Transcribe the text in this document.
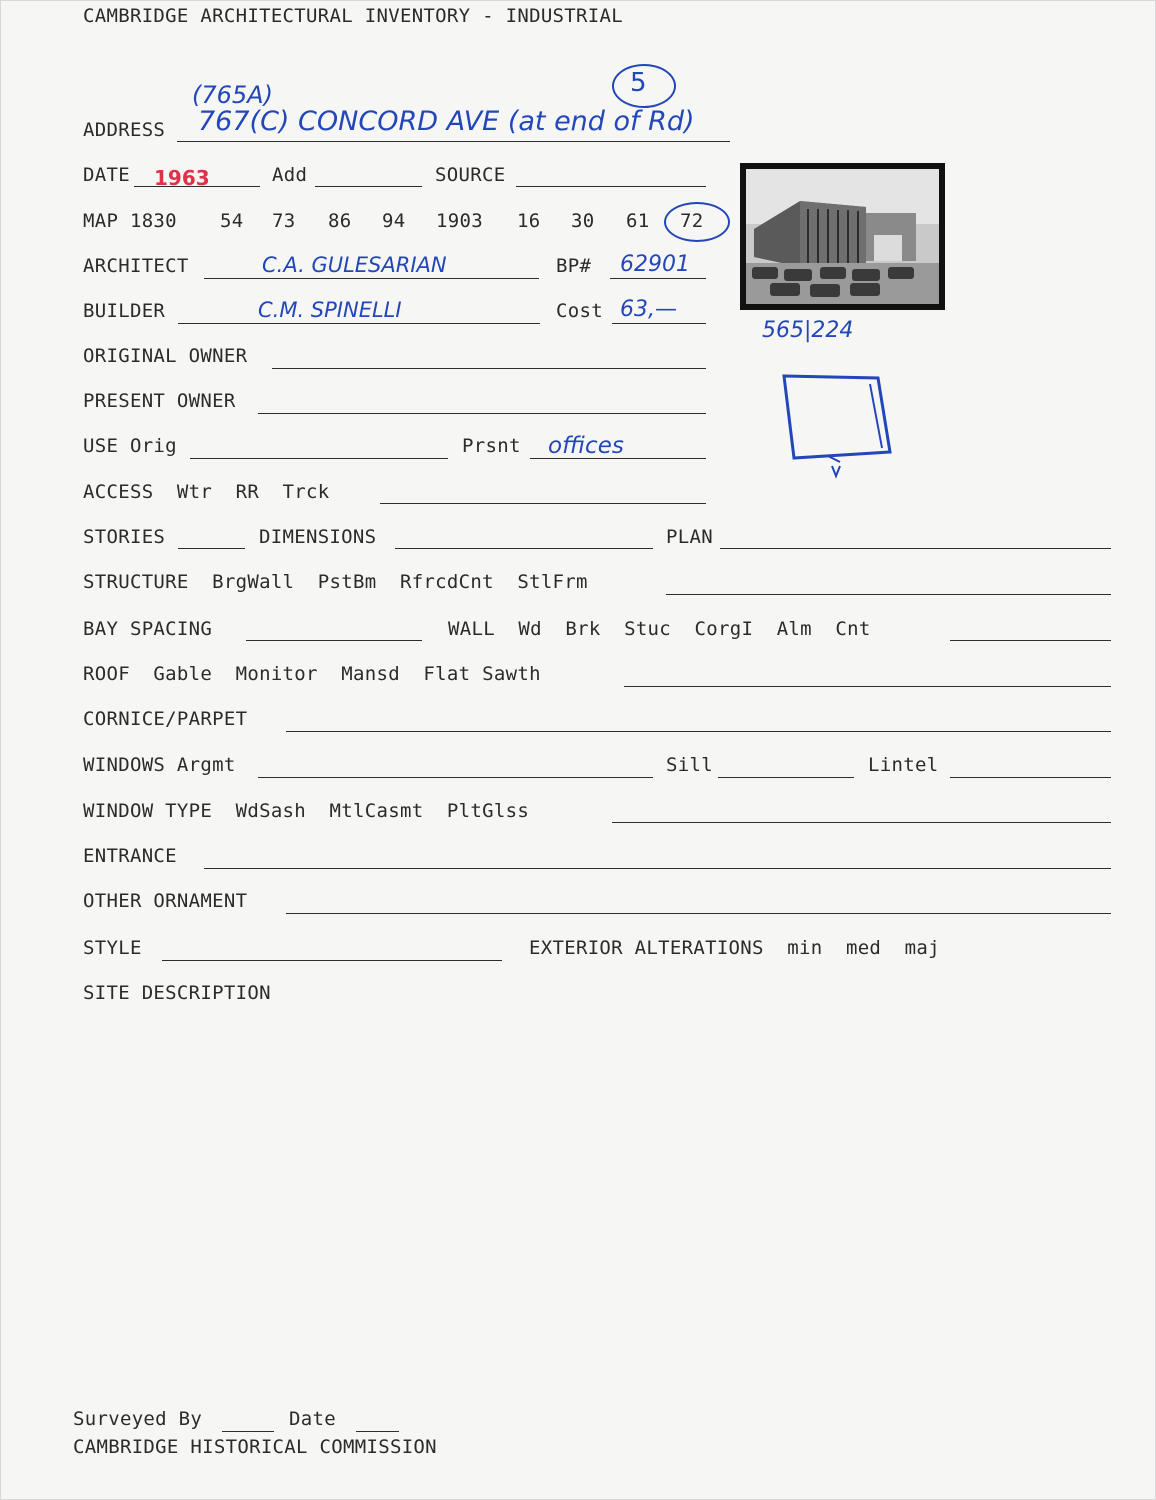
CAMBRIDGE ARCHITECTURAL INVENTORY - INDUSTRIAL
(765A)	5
ADDRESS 767(C) CONCORD AVE (at end of Rd)
DATE 1963	Add	SOURCE
MAP 1830 54 73 86 94 1903 16 30 61 72
565|224
ARCHITECT	C.A. GULESARIAN	BP# 62901
BUILDER	C.M. SPINELLI	Cost 63,—
ORIGINAL OWNER
PRESENT OWNER
USE Orig	Prsnt offices
ACCESS  Wtr  RR  Trck
STORIES	DIMENSIONS	PLAN
STRUCTURE  BrgWall  PstBm  RfrcdCnt  StlFrm
BAY SPACING	WALL  Wd  Brk  Stuc  CorgI  Alm  Cnt
ROOF  Gable  Monitor  Mansd  Flat Sawth
CORNICE/PARPET
WINDOWS Argmt	Sill	Lintel
WINDOW TYPE  WdSash  MtlCasmt  PltGlss
ENTRANCE
OTHER ORNAMENT
STYLE	EXTERIOR ALTERATIONS  min  med  maj
SITE DESCRIPTION
Surveyed By	Date
CAMBRIDGE HISTORICAL COMMISSION
